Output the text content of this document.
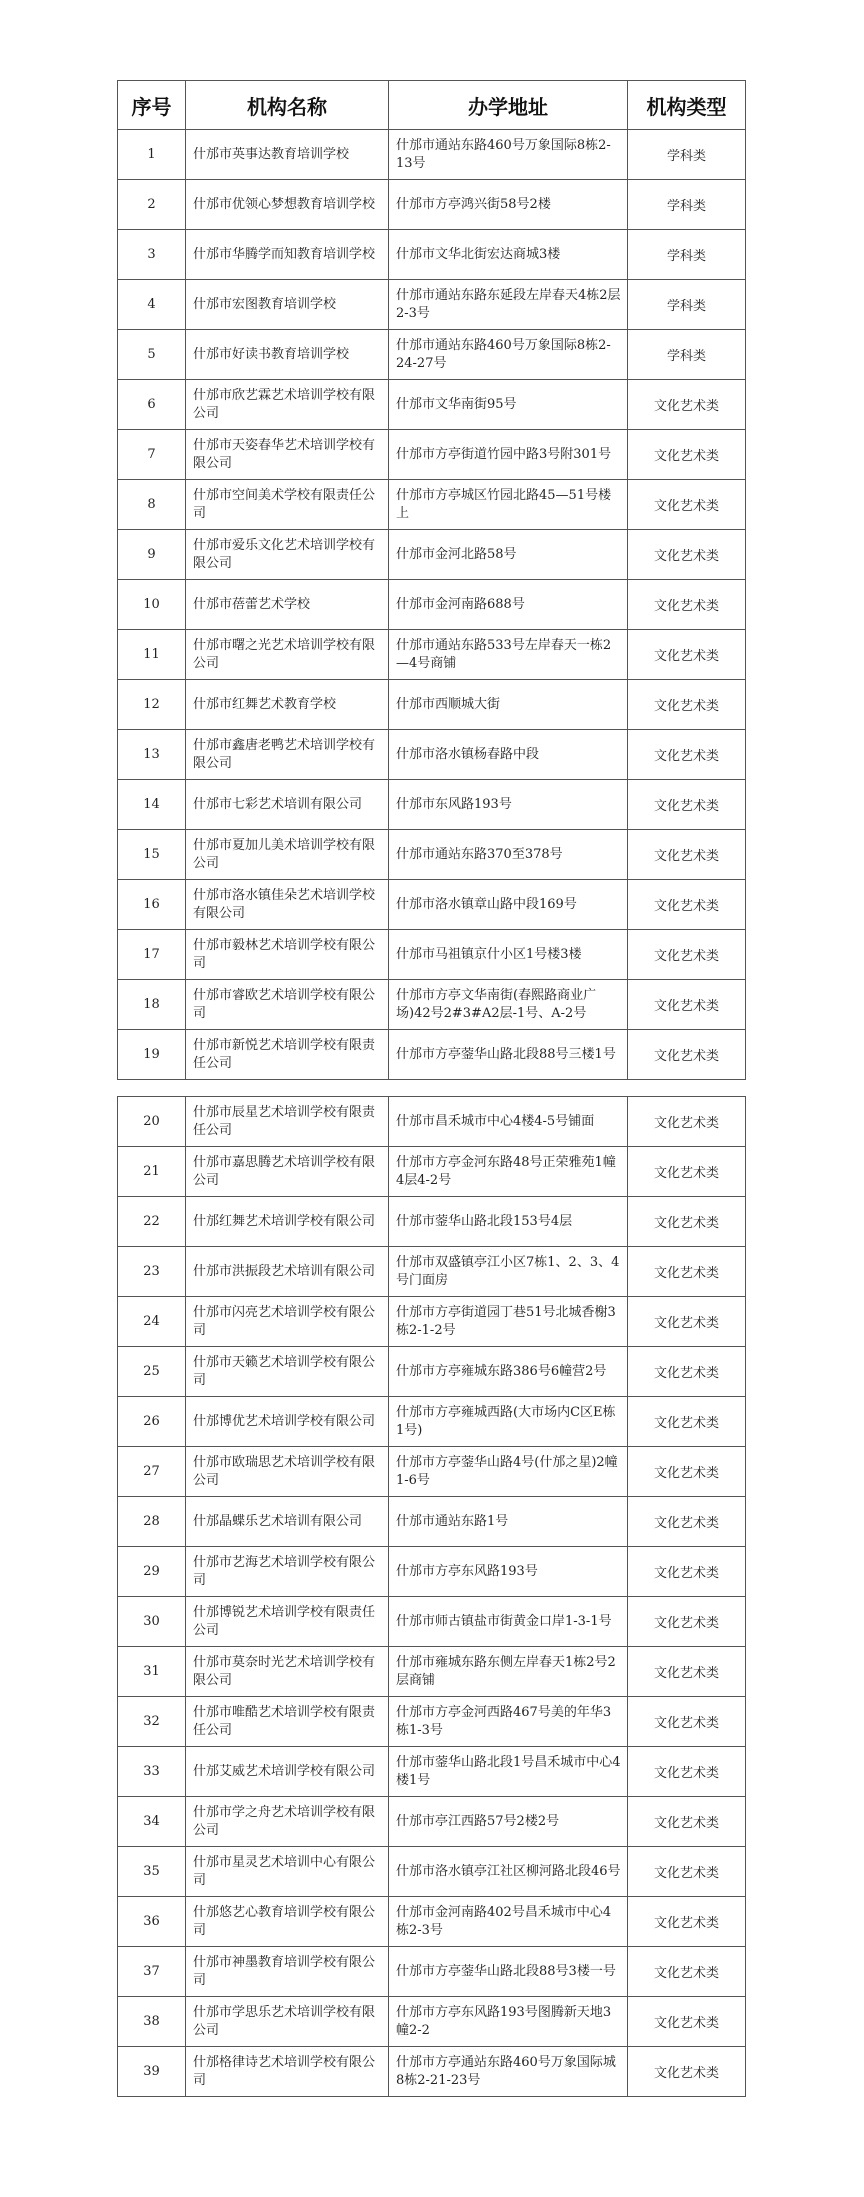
序号	机构名称	办学地址	机构类型
1	什邡市英事达教育培训学校	什邡市通站东路460号万象国际8栋2-13号	学科类
2	什邡市优领心梦想教育培训学校	什邡市方亭鸿兴街58号2楼	学科类
3	什邡市华腾学而知教育培训学校	什邡市文华北街宏达商城3楼	学科类
4	什邡市宏图教育培训学校	什邡市通站东路东延段左岸春天4栋2层2-3号	学科类
5	什邡市好读书教育培训学校	什邡市通站东路460号万象国际8栋2-24-27号	学科类
6	什邡市欣艺霖艺术培训学校有限公司	什邡市文华南街95号	文化艺术类
7	什邡市天姿春华艺术培训学校有限公司	什邡市方亭街道竹园中路3号附301号	文化艺术类
8	什邡市空间美术学校有限责任公司	什邡市方亭城区竹园北路45—51号楼上	文化艺术类
9	什邡市爱乐文化艺术培训学校有限公司	什邡市金河北路58号	文化艺术类
10	什邡市蓓蕾艺术学校	什邡市金河南路688号	文化艺术类
11	什邡市曙之光艺术培训学校有限公司	什邡市通站东路533号左岸春天一栋2—4号商铺	文化艺术类
12	什邡市红舞艺术教育学校	什邡市西顺城大街	文化艺术类
13	什邡市鑫唐老鸭艺术培训学校有限公司	什邡市洛水镇杨春路中段	文化艺术类
14	什邡市七彩艺术培训有限公司	什邡市东风路193号	文化艺术类
15	什邡市夏加儿美术培训学校有限公司	什邡市通站东路370至378号	文化艺术类
16	什邡市洛水镇佳朵艺术培训学校有限公司	什邡市洛水镇章山路中段169号	文化艺术类
17	什邡市毅林艺术培训学校有限公司	什邡市马祖镇京什小区1号楼3楼	文化艺术类
18	什邡市睿欧艺术培训学校有限公司	什邡市方亭文华南街(春熙路商业广场)42号2#3#A2层-1号、A-2号	文化艺术类
19	什邡市新悦艺术培训学校有限责任公司	什邡市方亭蓥华山路北段88号三楼1号	文化艺术类
20	什邡市辰星艺术培训学校有限责任公司	什邡市昌禾城市中心4楼4-5号铺面	文化艺术类
21	什邡市嘉思腾艺术培训学校有限公司	什邡市方亭金河东路48号正荣雅苑1幢4层4-2号	文化艺术类
22	什邡红舞艺术培训学校有限公司	什邡市蓥华山路北段153号4层	文化艺术类
23	什邡市洪振段艺术培训有限公司	什邡市双盛镇亭江小区7栋1、2、3、4号门面房	文化艺术类
24	什邡市闪亮艺术培训学校有限公司	什邡市方亭街道园丁巷51号北城香榭3栋2-1-2号	文化艺术类
25	什邡市天籁艺术培训学校有限公司	什邡市方亭雍城东路386号6幢营2号	文化艺术类
26	什邡博优艺术培训学校有限公司	什邡市方亭雍城西路(大市场内C区E栋1号)	文化艺术类
27	什邡市欧瑞思艺术培训学校有限公司	什邡市方亭蓥华山路4号(什邡之星)2幢1-6号	文化艺术类
28	什邡晶蝶乐艺术培训有限公司	什邡市通站东路1号	文化艺术类
29	什邡市艺海艺术培训学校有限公司	什邡市方亭东风路193号	文化艺术类
30	什邡博锐艺术培训学校有限责任公司	什邡市师古镇盐市街黄金口岸1-3-1号	文化艺术类
31	什邡市莫奈时光艺术培训学校有限公司	什邡市雍城东路东侧左岸春天1栋2号2层商铺	文化艺术类
32	什邡市唯酷艺术培训学校有限责任公司	什邡市方亭金河西路467号美的年华3栋1-3号	文化艺术类
33	什邡艾威艺术培训学校有限公司	什邡市蓥华山路北段1号昌禾城市中心4楼1号	文化艺术类
34	什邡市学之舟艺术培训学校有限公司	什邡市亭江西路57号2楼2号	文化艺术类
35	什邡市星灵艺术培训中心有限公司	什邡市洛水镇亭江社区柳河路北段46号	文化艺术类
36	什邡悠艺心教育培训学校有限公司	什邡市金河南路402号昌禾城市中心4栋2-3号	文化艺术类
37	什邡市神墨教育培训学校有限公司	什邡市方亭蓥华山路北段88号3楼一号	文化艺术类
38	什邡市学思乐艺术培训学校有限公司	什邡市方亭东风路193号图腾新天地3幢2-2	文化艺术类
39	什邡格律诗艺术培训学校有限公司	什邡市方亭通站东路460号万象国际城8栋2-21-23号	文化艺术类
